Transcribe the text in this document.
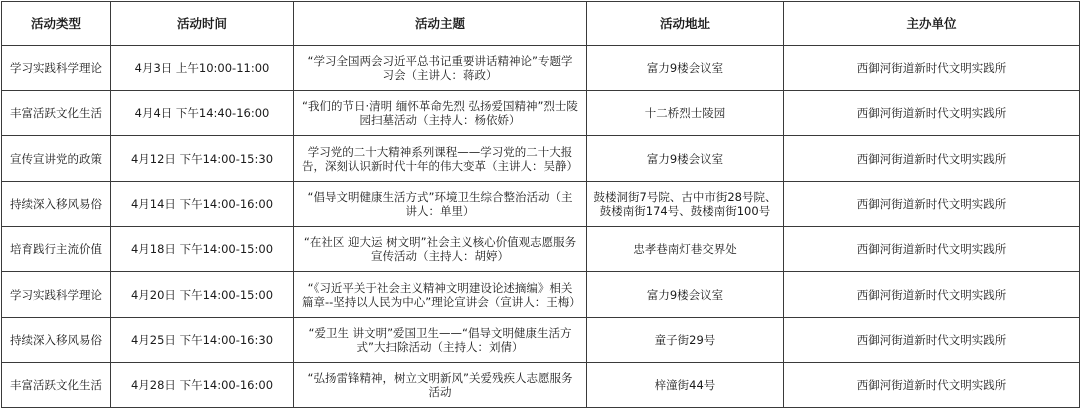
活动类型	活动时间	活动主题	活动地址	主办单位
学习实践科学理论	4月3日 上午10:00-11:00	“学习全国两会习近平总书记重要讲话精神论”专题学习会（主讲人：蒋政）	富力9楼会议室	西御河街道新时代文明实践所
丰富活跃文化生活	4月4日 下午14:40-16:00	“我们的节日·清明 缅怀革命先烈 弘扬爱国精神”烈士陵园扫墓活动（主持人：杨依娇）	十二桥烈士陵园	西御河街道新时代文明实践所
宣传宣讲党的政策	4月12日 下午14:00-15:30	学习党的二十大精神系列课程——学习党的二十大报告，深刻认识新时代十年的伟大变革（主讲人：吴静）	富力9楼会议室	西御河街道新时代文明实践所
持续深入移风易俗	4月14日 下午14:00-16:00	“倡导文明健康生活方式”环境卫生综合整治活动（主讲人：单里）	鼓楼洞街7号院、古中市街28号院、鼓楼南街174号、鼓楼南街100号	西御河街道新时代文明实践所
培育践行主流价值	4月18日 下午14:00-15:00	“在社区 迎大运 树文明”社会主义核心价值观志愿服务宣传活动（主持人：胡婷）	忠孝巷南灯巷交界处	西御河街道新时代文明实践所
学习实践科学理论	4月20日 下午14:00-15:00	“《习近平关于社会主义精神文明建设论述摘编》相关篇章--坚持以人民为中心”理论宣讲会（宣讲人：王梅）	富力9楼会议室	西御河街道新时代文明实践所
持续深入移风易俗	4月25日 下午14:00-16:30	“爱卫生 讲文明”爱国卫生——“倡导文明健康生活方式”大扫除活动（主持人：刘倩）	童子街29号	西御河街道新时代文明实践所
丰富活跃文化生活	4月28日 下午14:00-16:00	“弘扬雷锋精神，树立文明新风”关爱残疾人志愿服务活动	梓潼街44号	西御河街道新时代文明实践所
